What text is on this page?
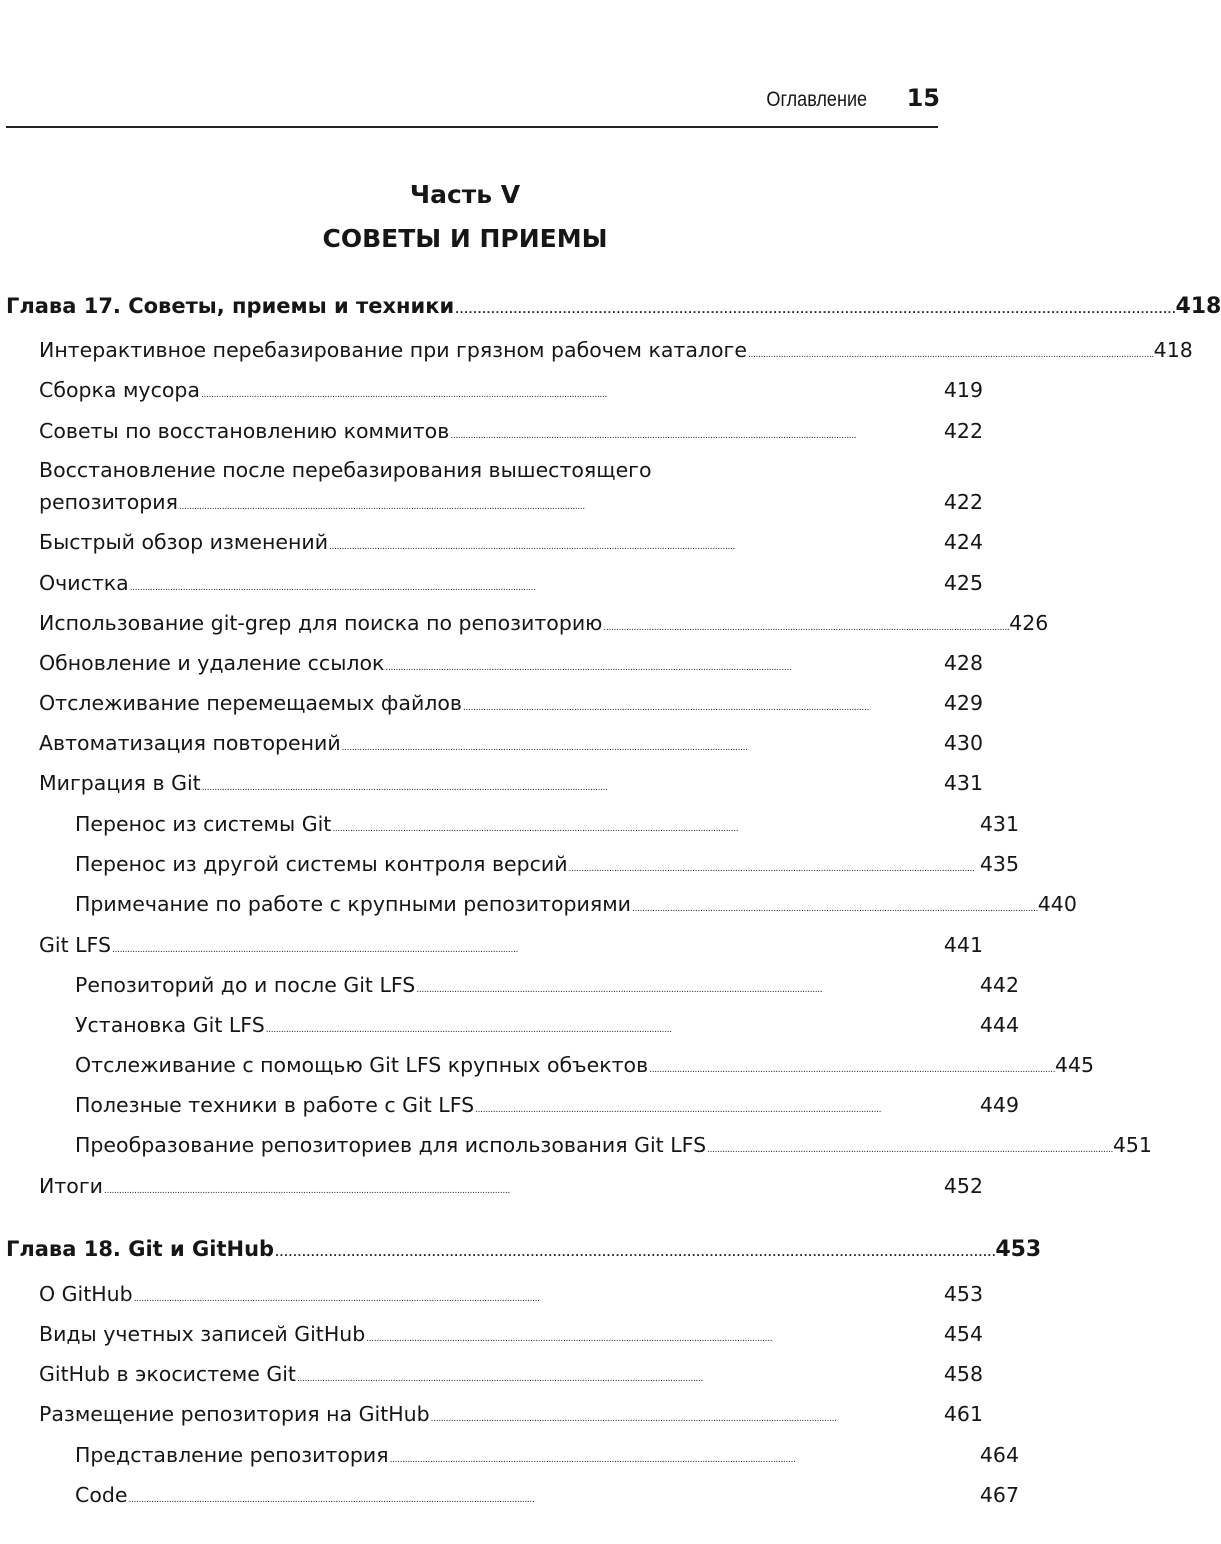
Оглавление 15
Часть V
СОВЕТЫ И ПРИЕМЫ
Глава 17. Советы, приемы и техники . . .	418
Интерактивное перебазирование при грязном рабочем каталоге . . .	418
Сборка мусора . . .	419
Советы по восстановлению коммитов . . .	422
Восстановление после перебазирования вышестоящего
репозитория . . .	422
Быстрый обзор изменений . . .	424
Очистка . . .	425
Использование git-grep для поиска по репозиторию . . .	426
Обновление и удаление ссылок . . .	428
Отслеживание перемещаемых файлов . . .	429
Автоматизация повторений . . .	430
Миграция в Git . . .	431
Перенос из системы Git . . .	431
Перенос из другой системы контроля версий . . .	435
Примечание по работе с крупными репозиториями . . .	440
Git LFS . . .	441
Репозиторий до и после Git LFS . . .	442
Установка Git LFS . . .	444
Отслеживание с помощью Git LFS крупных объектов . . .	445
Полезные техники в работе с Git LFS . . .	449
Преобразование репозиториев для использования Git LFS . . .	451
Итоги . . .	452
Глава 18. Git и GitHub . . .	453
О GitHub . . .	453
Виды учетных записей GitHub . . .	454
GitHub в экосистеме Git . . .	458
Размещение репозитория на GitHub . . .	461
Представление репозитория . . .	464
Code . . .	467
